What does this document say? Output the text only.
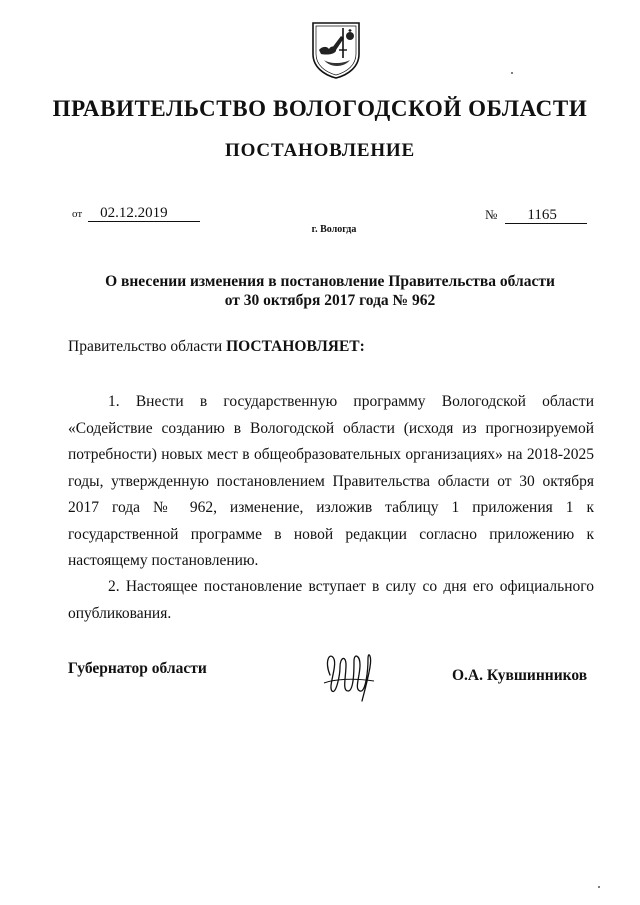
ПРАВИТЕЛЬСТВО ВОЛОГОДСКОЙ ОБЛАСТИ
ПОСТАНОВЛЕНИЕ
от 02.12.2019	№ 1165
г. Вологда
О внесении изменения в постановление Правительства области
от 30 октября 2017 года № 962
Правительство области ПОСТАНОВЛЯЕТ:
1. Внести в государственную программу Вологодской области «Содействие созданию в Вологодской области (исходя из прогнозируемой потребности) новых мест в общеобразовательных организациях» на 2018-2025 годы, утвержденную постановлением Правительства области от 30 октября 2017 года № 962, изменение, изложив таблицу 1 приложения 1 к государственной программе в новой редакции согласно приложению к настоящему постановлению.
2. Настоящее постановление вступает в силу со дня его официального опубликования.
Губернатор области	О.А. Кувшинников
